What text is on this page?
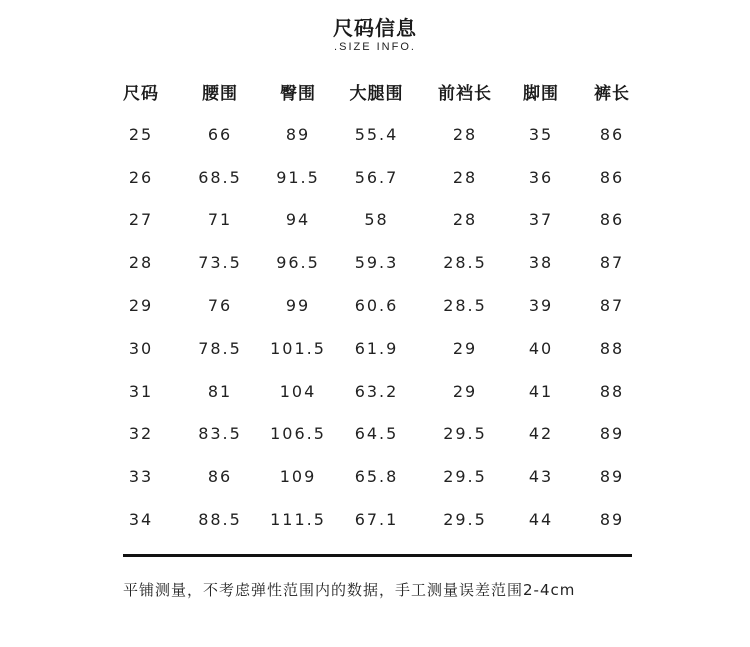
尺码信息
.SIZE INFO.
尺码	腰围	臀围	大腿围	前裆长	脚围	裤长
25	66	89	55.4	28	35	86
26	68.5	91.5	56.7	28	36	86
27	71	94	58	28	37	86
28	73.5	96.5	59.3	28.5	38	87
29	76	99	60.6	28.5	39	87
30	78.5	101.5	61.9	29	40	88
31	81	104	63.2	29	41	88
32	83.5	106.5	64.5	29.5	42	89
33	86	109	65.8	29.5	43	89
34	88.5	111.5	67.1	29.5	44	89
平铺测量，不考虑弹性范围内的数据，手工测量误差范围2-4cm
